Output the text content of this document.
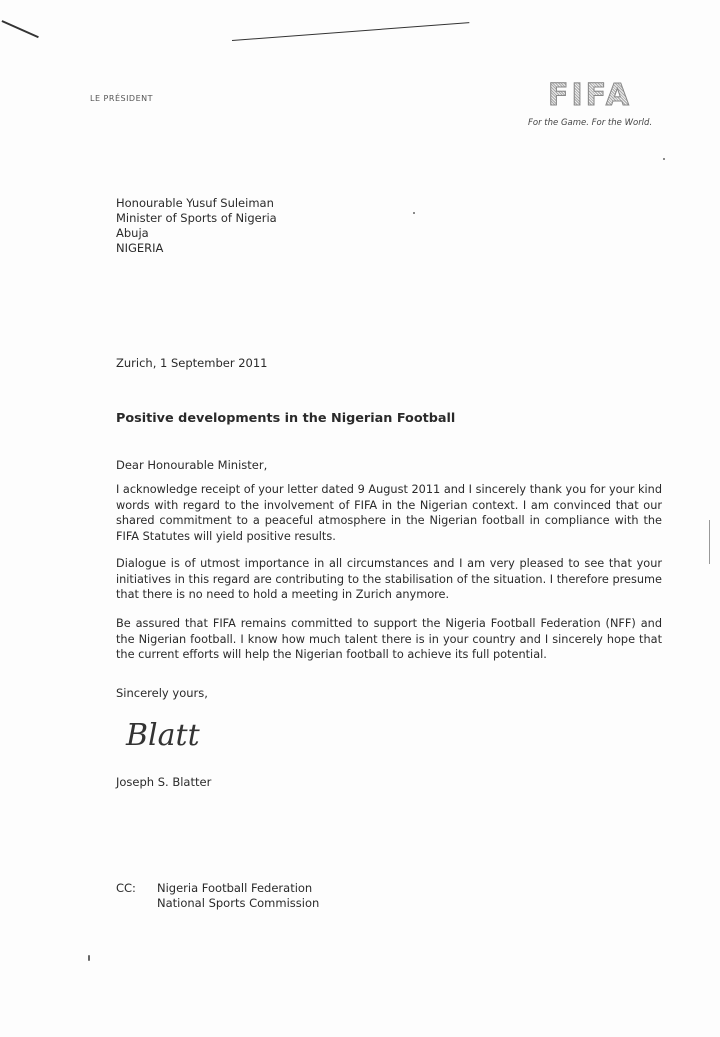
LE PRÉSIDENT	FIFA
For the Game. For the World.
Honourable Yusuf Suleiman
Minister of Sports of Nigeria
Abuja
NIGERIA
Zurich, 1 September 2011
Positive developments in the Nigerian Football
Dear Honourable Minister,
I acknowledge receipt of your letter dated 9 August 2011 and I sincerely thank you for your kind words with regard to the involvement of FIFA in the Nigerian context. I am convinced that our shared commitment to a peaceful atmosphere in the Nigerian football in compliance with the FIFA Statutes will yield positive results.
Dialogue is of utmost importance in all circumstances and I am very pleased to see that your initiatives in this regard are contributing to the stabilisation of the situation. I therefore presume that there is no need to hold a meeting in Zurich anymore.
Be assured that FIFA remains committed to support the Nigeria Football Federation (NFF) and the Nigerian football. I know how much talent there is in your country and I sincerely hope that the current efforts will help the Nigerian football to achieve its full potential.
Sincerely yours,
Blatt
Joseph S. Blatter
CC: Nigeria Football Federation
National Sports Commission
